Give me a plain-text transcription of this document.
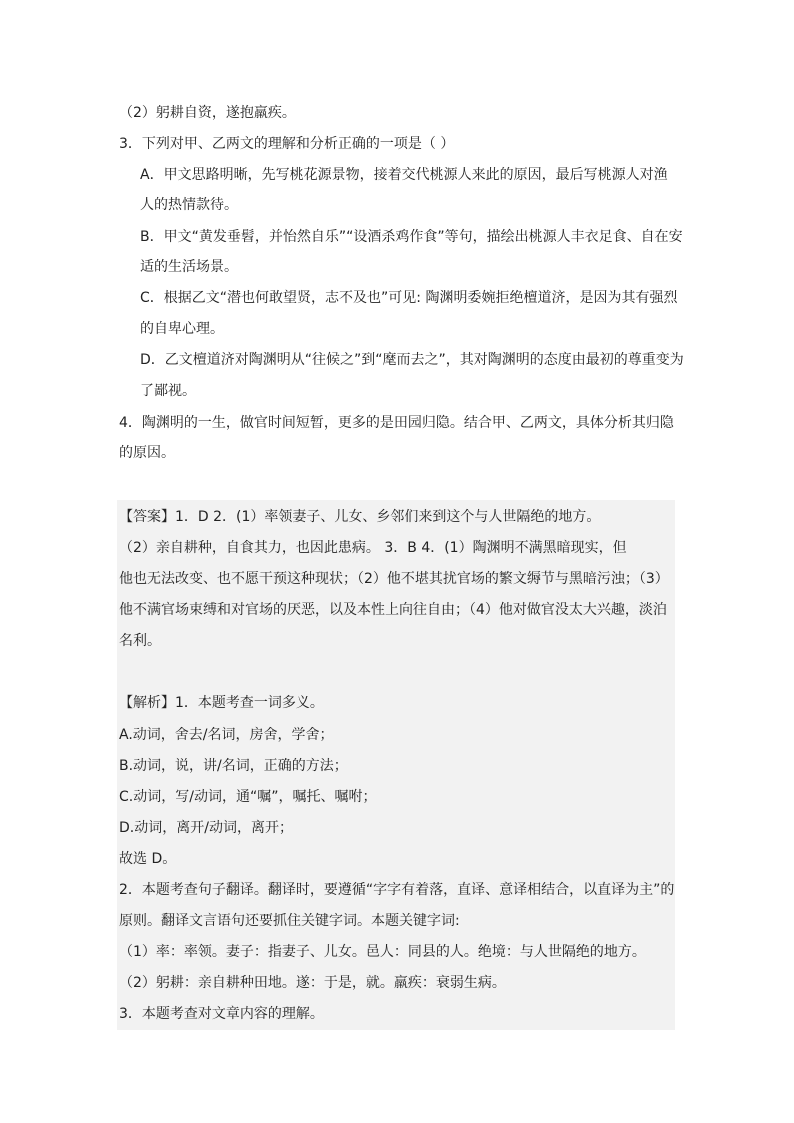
（2）躬耕自资，遂抱羸疾。
3．下列对甲、乙两文的理解和分析正确的一项是（ ）
A．甲文思路明晰，先写桃花源景物，接着交代桃源人来此的原因，最后写桃源人对渔
人的热情款待。
B．甲文“黄发垂髫，并怡然自乐”“设酒杀鸡作食”等句，描绘出桃源人丰衣足食、自在安
适的生活场景。
C．根据乙文“潜也何敢望贤，志不及也”可见: 陶渊明委婉拒绝檀道济，是因为其有强烈
的自卑心理。
D．乙文檀道济对陶渊明从“往候之”到“麾而去之”，其对陶渊明的态度由最初的尊重变为
了鄙视。
4．陶渊明的一生，做官时间短暂，更多的是田园归隐。结合甲、乙两文，具体分析其归隐
的原因。
【答案】1．D 2．(1）率领妻子、儿女、乡邻们来到这个与人世隔绝的地方。
（2）亲自耕种，自食其力，也因此患病。 3．B 4．(1）陶渊明不满黑暗现实，但
他也无法改变、也不愿干预这种现状；（2）他不堪其扰官场的繁文缛节与黑暗污浊；（3）
他不满官场束缚和对官场的厌恶，以及本性上向往自由；（4）他对做官没太大兴趣，淡泊
名利。
【解析】1．本题考查一词多义。
A.动词，舍去/名词，房舍，学舍；
B.动词，说，讲/名词，正确的方法；
C.动词，写/动词，通“嘱”，嘱托、嘱咐；
D.动词，离开/动词，离开；
故选 D。
2．本题考查句子翻译。翻译时，要遵循“字字有着落，直译、意译相结合，以直译为主”的
原则。翻译文言语句还要抓住关键字词。本题关键字词:
（1）率：率领。妻子：指妻子、儿女。邑人：同县的人。绝境：与人世隔绝的地方。
（2）躬耕：亲自耕种田地。遂：于是，就。羸疾：衰弱生病。
3．本题考查对文章内容的理解。
